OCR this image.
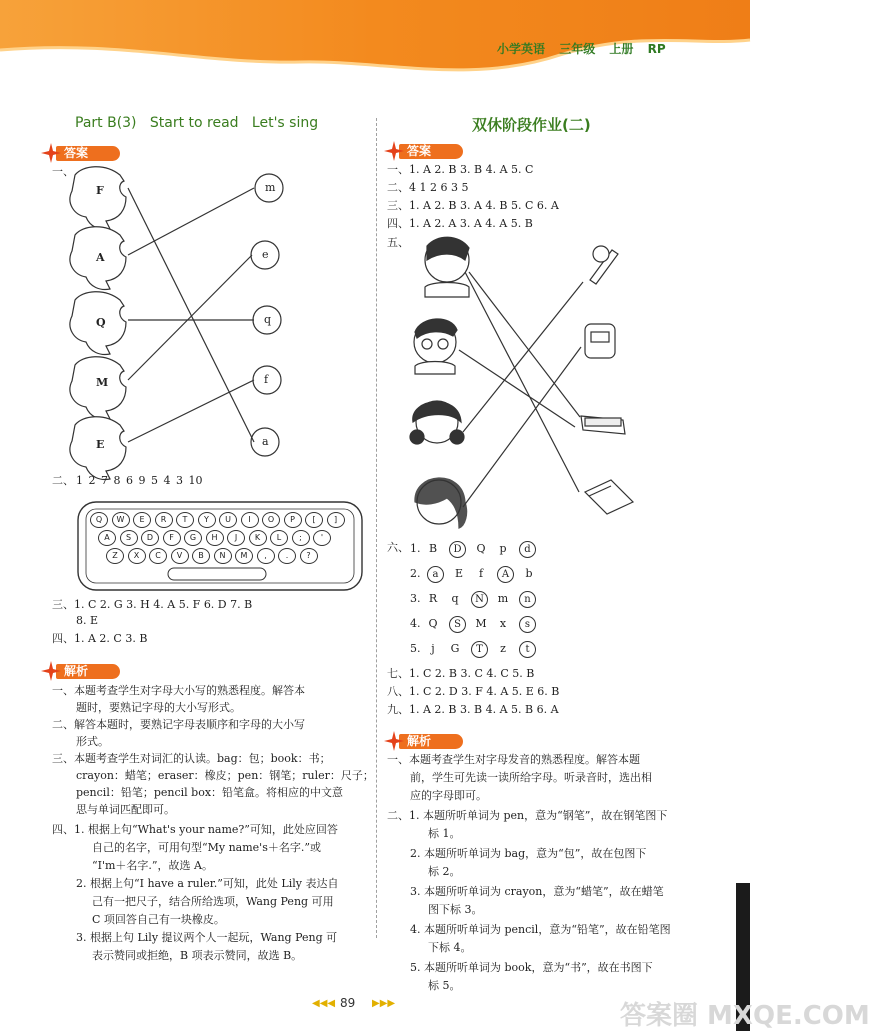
小学英语 三年级 上册 RP
Part B(3)   Start to read   Let's sing
答案
一、
F
A
Q
M
E
m
e
q
f
a
二、 1 2 7 8 6 9 5 4 3 10
Q	W	E	R	T	Y	U	I	O	P	[	]
A	S	D	F	G	H	J	K	L	;	'
Z	X	C	V	B	N	M	,	.	?
三、1. C 2. G 3. H 4. A 5. F 6. D 7. B
8. E
四、1. A 2. C 3. B
解析
一、本题考查学生对字母大小写的熟悉程度。解答本
题时，要熟记字母的大小写形式。
二、解答本题时，要熟记字母表顺序和字母的大小写
形式。
三、本题考查学生对词汇的认读。bag：包；book：书；
crayon：蜡笔；eraser：橡皮；pen：钢笔；ruler：尺子；
pencil：铅笔；pencil box：铅笔盒。将相应的中文意
思与单词匹配即可。
四、1. 根据上句“What's your name?”可知，此处应回答
自己的名字，可用句型“My name's＋名字.”或
“I'm＋名字.”，故选 A。
2. 根据上句“I have a ruler.”可知，此处 Lily 表达自
己有一把尺子，结合所给选项，Wang Peng 可用
C 项回答自己有一块橡皮。
3. 根据上句 Lily 提议两个人一起玩，Wang Peng 可
表示赞同或拒绝，B 项表示赞同，故选 B。
双休阶段作业(二)
答案
一、1. A 2. B 3. B 4. A 5. C
二、4 1 2 6 3 5
三、1. A 2. B 3. A 4. B 5. C 6. A
四、1. A 2. A 3. A 4. A 5. B
五、
六、 1. B D Q p d
2. a E f A b
3. R q N m n
4. Q S M x s
5. j G T z t
七、1. C 2. B 3. C 4. C 5. B
八、1. C 2. D 3. F 4. A 5. E 6. B
九、1. A 2. B 3. B 4. A 5. B 6. A
解析
一、本题考查学生对字母发音的熟悉程度。解答本题
前，学生可先读一读所给字母。听录音时，选出相
应的字母即可。
二、1. 本题所听单词为 pen，意为“钢笔”，故在钢笔图下
标 1。
2. 本题所听单词为 bag，意为“包”，故在包图下
标 2。
3. 本题所听单词为 crayon，意为“蜡笔”，故在蜡笔
图下标 3。
4. 本题所听单词为 pencil，意为“铅笔”，故在铅笔图
下标 4。
5. 本题所听单词为 book，意为“书”，故在书图下
标 5。
◀◀◀ 89 ▶▶▶	答案圈 MXQE.COM
